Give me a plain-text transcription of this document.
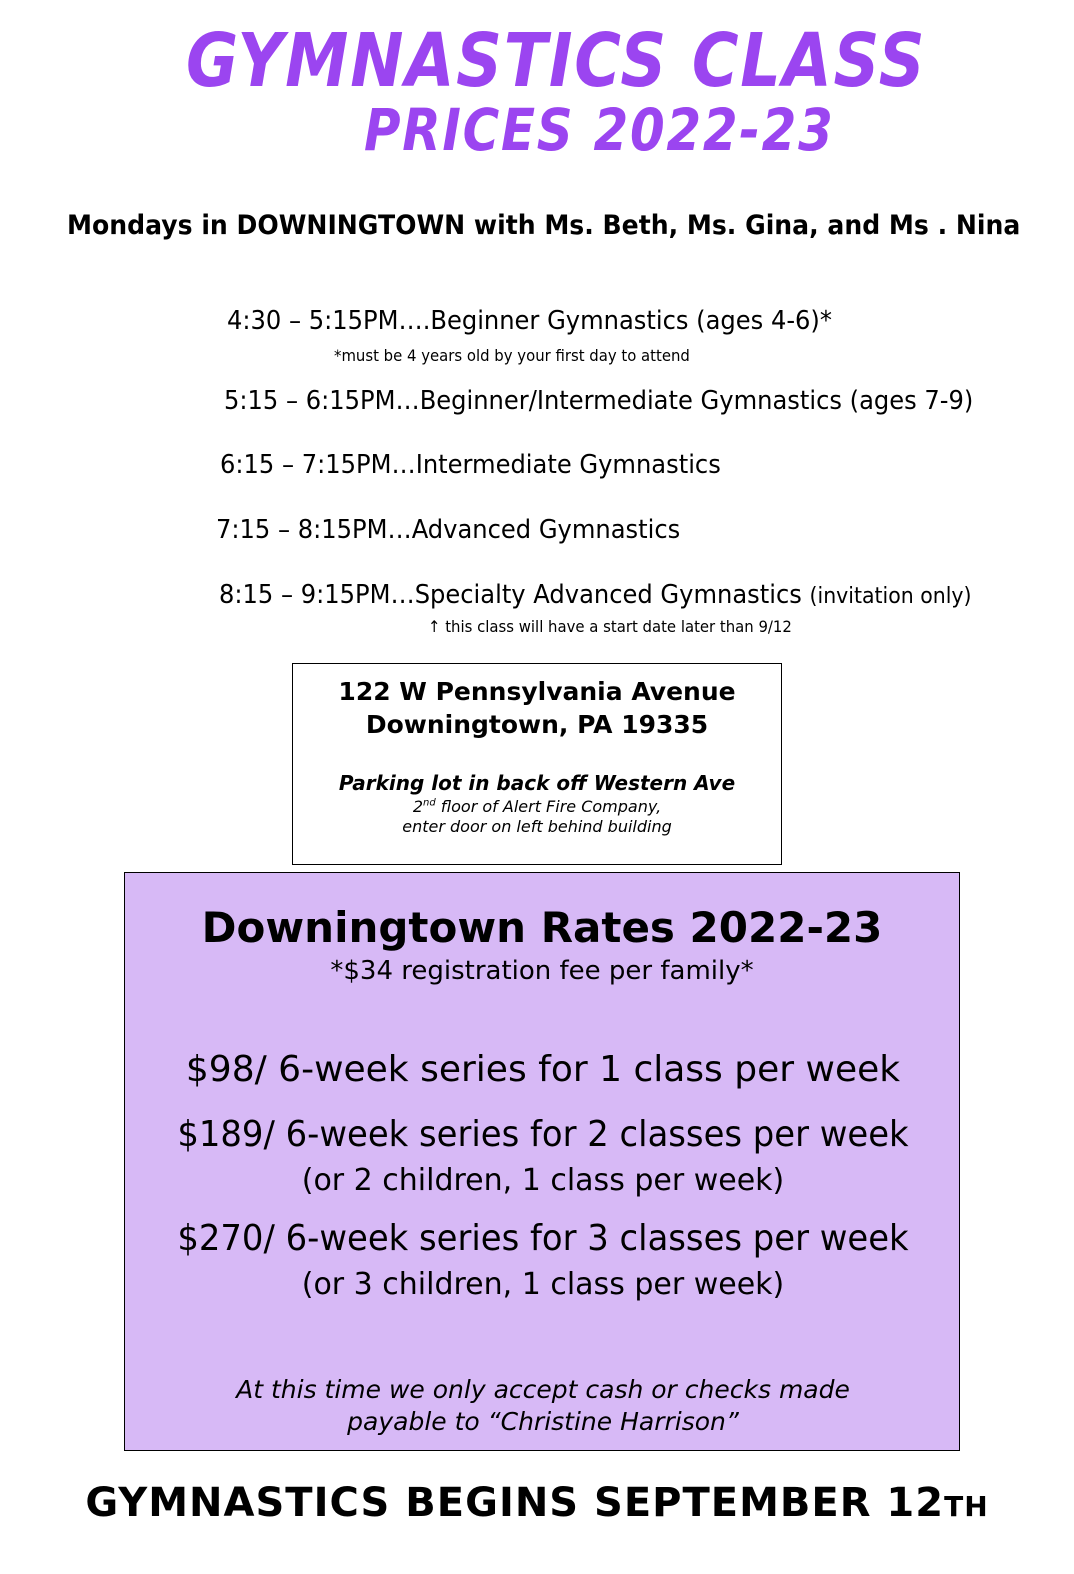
GYMNASTICS CLASS
PRICES 2022-23
Mondays in DOWNINGTOWN with Ms. Beth, Ms. Gina, and Ms . Nina
4:30 – 5:15PM….Beginner Gymnastics (ages 4-6)*
*must be 4 years old by your first day to attend
5:15 – 6:15PM…Beginner/Intermediate Gymnastics (ages 7-9)
6:15 – 7:15PM…Intermediate Gymnastics
7:15 – 8:15PM…Advanced Gymnastics
8:15 – 9:15PM…Specialty Advanced Gymnastics (invitation only)
↑ this class will have a start date later than 9/12
122 W Pennsylvania Avenue
Downingtown, PA 19335
Parking lot in back off Western Ave
2nd floor of Alert Fire Company,
enter door on left behind building
Downingtown Rates 2022-23
*$34 registration fee per family*
$98/ 6-week series for 1 class per week
$189/ 6-week series for 2 classes per week
(or 2 children, 1 class per week)
$270/ 6-week series for 3 classes per week
(or 3 children, 1 class per week)
At this time we only accept cash or checks made
payable to “Christine Harrison”
GYMNASTICS BEGINS SEPTEMBER 12TH
